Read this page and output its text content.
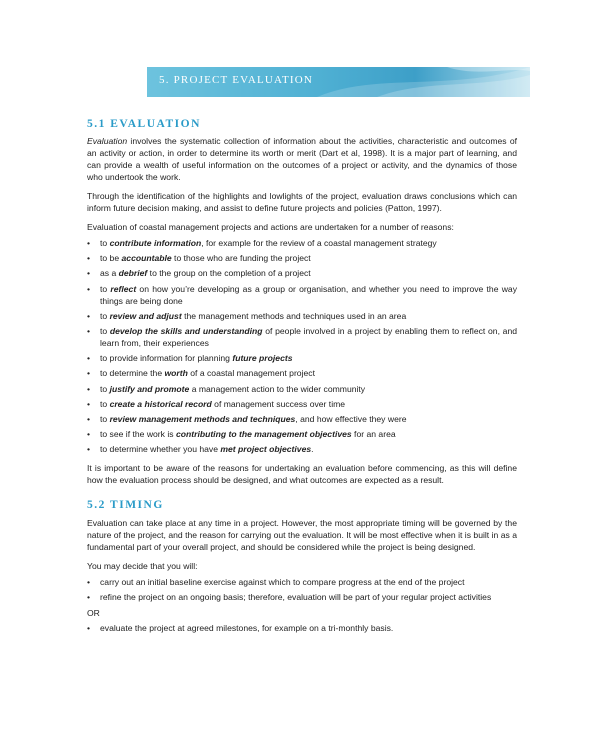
5. PROJECT EVALUATION
5.1 EVALUATION

Evaluation involves the systematic collection of information about the activities, characteristic and outcomes of an activity or action, in order to determine its worth or merit (Dart et al, 1998). It is a major part of learning, and can provide a wealth of useful information on the outcomes of a project or activity, and the dynamics of those who undertook the work.

Through the identification of the highlights and lowlights of the project, evaluation draws conclusions which can inform future decision making, and assist to define future projects and policies (Patton, 1997).

Evaluation of coastal management projects and actions are undertaken for a number of reasons:

• to contribute information, for example for the review of a coastal management strategy
• to be accountable to those who are funding the project
• as a debrief to the group on the completion of a project
• to reflect on how you’re developing as a group or organisation, and whether you need to improve the way things are being done
• to review and adjust the management methods and techniques used in an area
• to develop the skills and understanding of people involved in a project by enabling them to reflect on, and learn from, their experiences
• to provide information for planning future projects
• to determine the worth of a coastal management project
• to justify and promote a management action to the wider community
• to create a historical record of management success over time
• to review management methods and techniques, and how effective they were
• to see if the work is contributing to the management objectives for an area
• to determine whether you have met project objectives.

It is important to be aware of the reasons for undertaking an evaluation before commencing, as this will define how the evaluation process should be designed, and what outcomes are expected as a result.

5.2 TIMING

Evaluation can take place at any time in a project. However, the most appropriate timing will be governed by the nature of the project, and the reason for carrying out the evaluation. It will be most effective when it is built in as a fundamental part of your overall project, and should be considered while the project is being designed.

You may decide that you will:

• carry out an initial baseline exercise against which to compare progress at the end of the project
• refine the project on an ongoing basis; therefore, evaluation will be part of your regular project activities
OR
• evaluate the project at agreed milestones, for example on a tri-monthly basis.
